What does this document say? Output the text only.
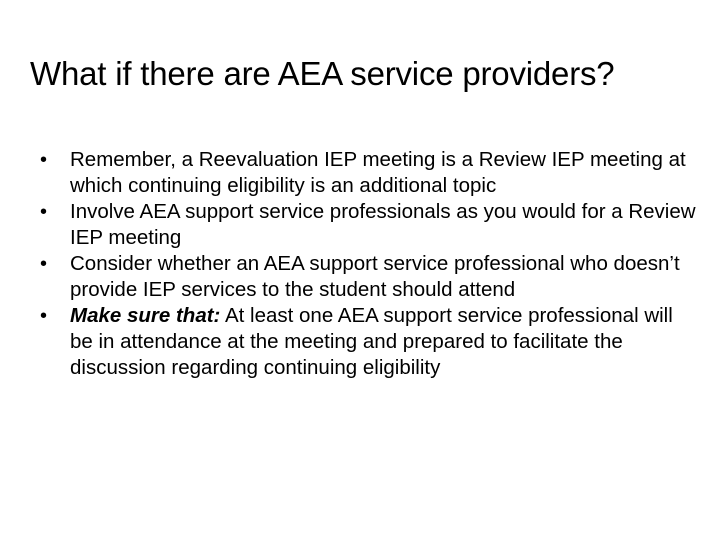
What if there are AEA service providers?
•	Remember, a Reevaluation IEP meeting is a Review IEP meeting at which continuing eligibility is an additional topic
•	Involve AEA support service professionals as you would for a Review IEP meeting
•	Consider whether an AEA support service professional who doesn’t provide IEP services to the student should attend
•	Make sure that: At least one AEA support service professional will be in attendance at the meeting and prepared to facilitate the discussion regarding continuing eligibility
